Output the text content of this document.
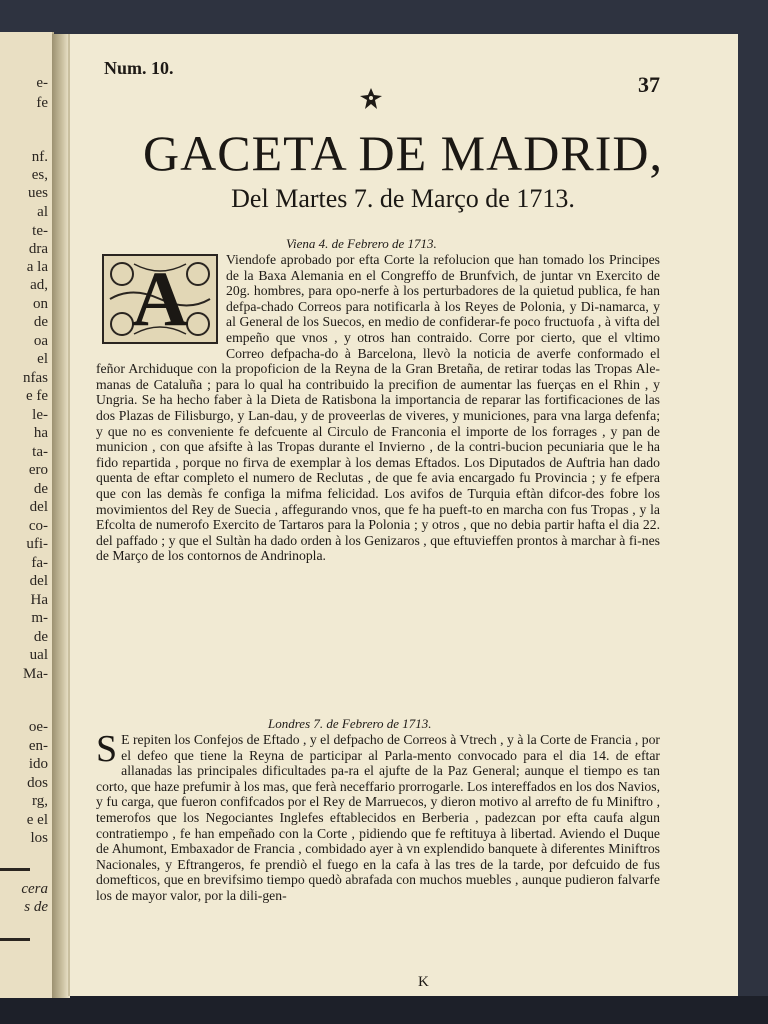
e-
fe
nf.
es,
ues
al
te-
dra
a la
ad,
on
de
oa
el
nfas
e fe
le-
ha
ta-
ero
de
del
co-
ufi-
fa-
del
Ha
m-
de
ual
Ma-
oe-
en-
ido
dos
rg,
e el
los
cera
s de
Num. 10.
37
GACETA DE MADRID,
Del Martes 7. de Março de 1713.
Viena 4. de Febrero de 1713.
A	Viendofe aprobado por efta Corte la refolucion que han tomado los Principes de la Baxa Alemania en el Congreffo de Brunfvich, de juntar vn Exercito de 20g. hombres, para opo-nerfe à los perturbadores de la quietud publica, fe han defpa-chado Correos para notificarla à los Reyes de Polonia, y Di-namarca, y al General de los Suecos, en medio de confiderar-fe poco fructuofa , à vifta del empeño que vnos , y otros han contraido. Corre por cierto, que el vltimo Correo defpacha-do à Barcelona, llevò la noticia de averfe conformado el feñor Archiduque con la propoficion de la Reyna de la Gran Bretaña, de retirar todas las Tropas Ale-manas de Cataluña ; para lo qual ha contribuido la precifion de aumentar las fuerças en el Rhin , y Ungria. Se ha hecho faber à la Dieta de Ratisbona la importancia de reparar las fortificaciones de las dos Plazas de Filisburgo, y Lan-dau, y de proveerlas de viveres, y municiones, para vna larga defenfa; y que no es conveniente fe defcuente al Circulo de Franconia el importe de los forrages , y pan de municion , con que afsifte à las Tropas durante el Invierno , de la contri-bucion pecuniaria que le ha fido repartida , porque no firva de exemplar à los demas Eftados. Los Diputados de Auftria han dado quenta de eftar completo el numero de Reclutas , de que fe avia encargado fu Provincia ; y fe efpera que con las demàs fe configa la mifma felicidad. Los avifos de Turquia eftàn difcor-des fobre los movimientos del Rey de Suecia , affegurando vnos, que fe ha pueft-to en marcha con fus Tropas , y la Efcolta de numerofo Exercito de Tartaros para la Polonia ; y otros , que no debia partir hafta el dia 22. del paffado ; y que el Sultàn ha dado orden à los Genizaros , que eftuvieffen prontos à marchar à fi-nes de Março de los contornos de Andrinopla.
Londres 7. de Febrero de 1713.
S E repiten los Confejos de Eftado , y el defpacho de Correos à Vtrech , y à la Corte de Francia , por el defeo que tiene la Reyna de participar al Parla-mento convocado para el dia 14. de eftar allanadas las principales dificultades pa-ra el ajufte de la Paz General; aunque el tiempo es tan corto, que haze prefumir à los mas, que ferà neceffario prorrogarle. Los intereffados en los dos Navios, y fu carga, que fueron confifcados por el Rey de Marruecos, y dieron motivo al arrefto de fu Miniftro , temerofos que los Negociantes Inglefes eftablecidos en Berberia , padezcan por efta caufa algun contratiempo , fe han empeñado con la Corte , pidiendo que fe reftituya à libertad. Aviendo el Duque de Ahumont, Embaxador de Francia , combidado ayer à vn explendido banquete à diferentes Miniftros Nacionales, y Eftrangeros, fe prendiò el fuego en la cafa à las tres de la tarde, por defcuido de fus domefticos, que en brevifsimo tiempo quedò abrafada con muchos muebles , aunque pudieron falvarfe los de mayor valor, por la dili-gen-
K
